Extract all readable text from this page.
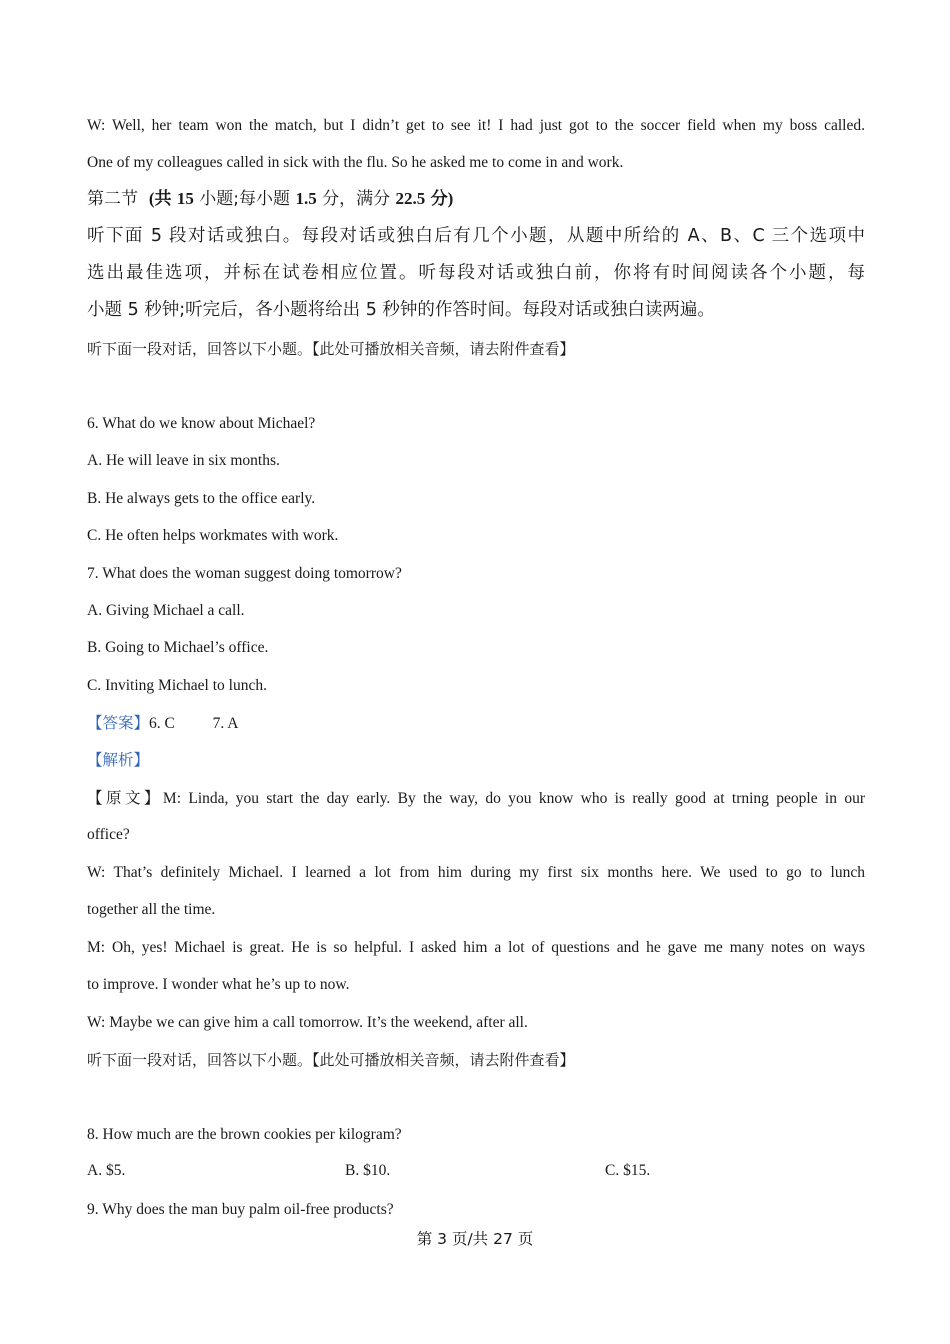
W: Well, her team won the match, but I didn’t get to see it! I had just got to the soccer field when my boss called.
One of my colleagues called in sick with the flu. So he asked me to come in and work.
第二节 (共 15 小题;每小题 1.5 分，满分 22.5 分)
听下面 5 段对话或独白。每段对话或独白后有几个小题，从题中所给的 A、B、C 三个选项中
选出最佳选项，并标在试卷相应位置。听每段对话或独白前，你将有时间阅读各个小题，每
小题 5 秒钟;听完后，各小题将给出 5 秒钟的作答时间。每段对话或独白读两遍。
听下面一段对话，回答以下小题。【此处可播放相关音频，请去附件查看】
6. What do we know about Michael?
A. He will leave in six months.
B. He always gets to the office early.
C. He often helps workmates with work.
7. What does the woman suggest doing tomorrow?
A. Giving Michael a call.
B. Going to Michael’s office.
C. Inviting Michael to lunch.
【答案】6. C 7. A
【解析】
【原文】M: Linda, you start the day early. By the way, do you know who is really good at trning people in our
office?
W: That’s definitely Michael. I learned a lot from him during my first six months here. We used to go to lunch
together all the time.
M: Oh, yes! Michael is great. He is so helpful. I asked him a lot of questions and he gave me many notes on ways
to improve. I wonder what he’s up to now.
W: Maybe we can give him a call tomorrow. It’s the weekend, after all.
听下面一段对话，回答以下小题。【此处可播放相关音频，请去附件查看】
8. How much are the brown cookies per kilogram?
A. $5.	B. $10.	C. $15.
9. Why does the man buy palm oil-free products?
第 3 页/共 27 页
